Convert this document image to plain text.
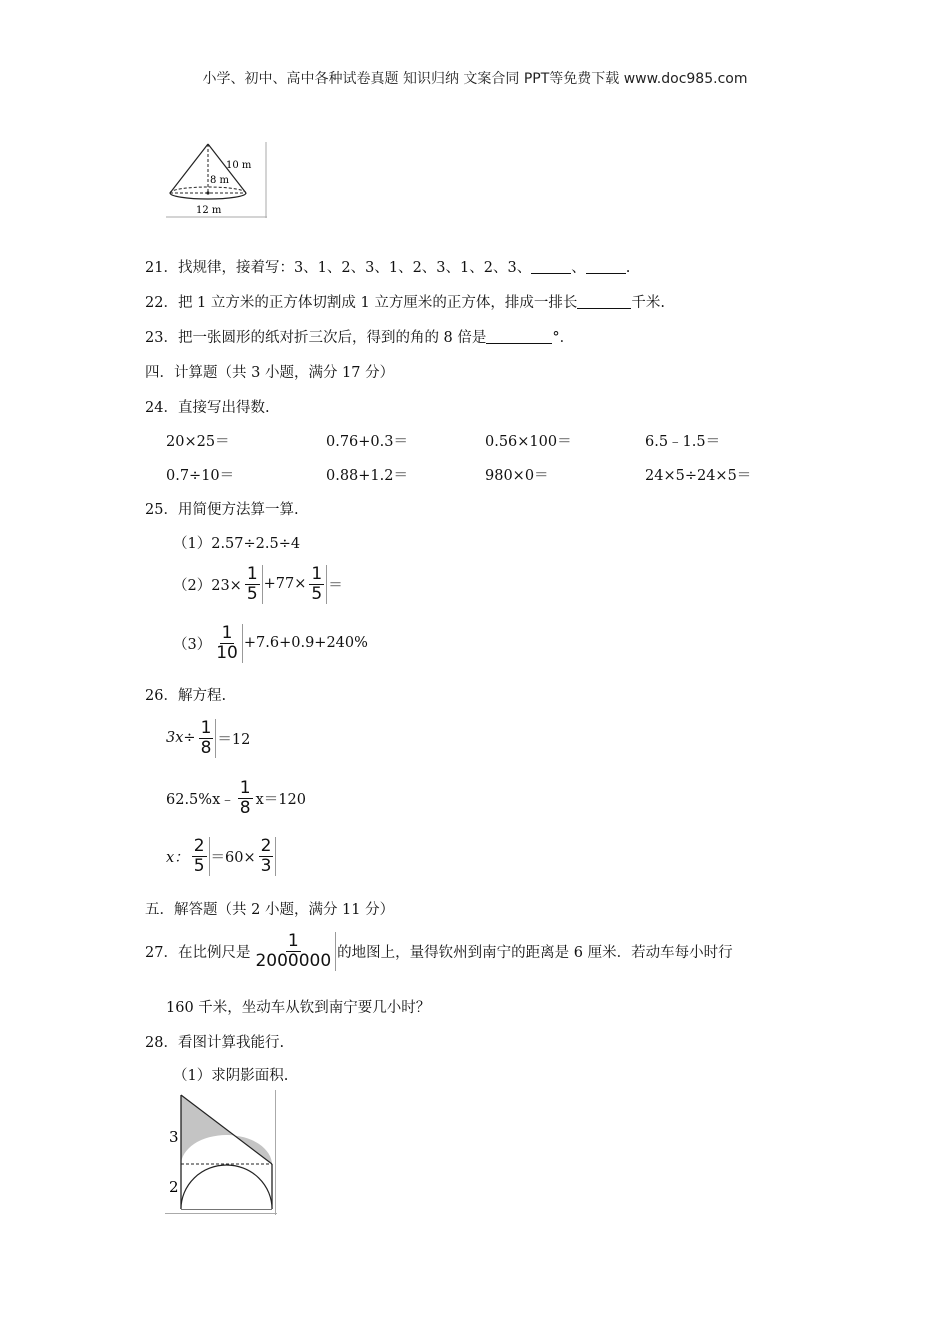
小学、初中、高中各种试卷真题 知识归纳 文案合同 PPT等免费下载 www.doc985.com
10 m
8 m
12 m
21．找规律，接着写：3、1、2、3、1、2、3、1、2、3、	、	.
22．把 1 立方米的正方体切割成 1 立方厘米的正方体，排成一排长	千米.
23．把一张圆形的纸对折三次后，得到的角的 8 倍是	°．
四．计算题（共 3 小题，满分 17 分）
24．直接写出得数.
20×25＝	0.76+0.3＝	0.56×100＝	6.5﹣1.5＝
0.7÷10＝	0.88+1.2＝	980×0＝	24×5÷24×5＝
25．用简便方法算一算.
（1）2.57÷2.5÷4
$(2)23\times \frac{1}{5} +77\times \frac{1}{5}$ ＝
$(3) \frac{1}{10} +7.6+0.9+240\%$
26．解方程.
$3x\div \frac{1}{8} =12$
62.5%x﹣ $\frac{1}{8} x=120$
x： $\frac{2}{5} =60\times \frac{2}{3}$
五．解答题（共 2 小题，满分 11 分）
27．在比例尺是 $\frac{1}{2000000}$ 的地图上，量得钦州到南宁的距离是 6 厘米．若动车每小时行
160 千米，坐动车从钦到南宁要几小时？
28．看图计算我能行.
（1）求阴影面积.
3
2
